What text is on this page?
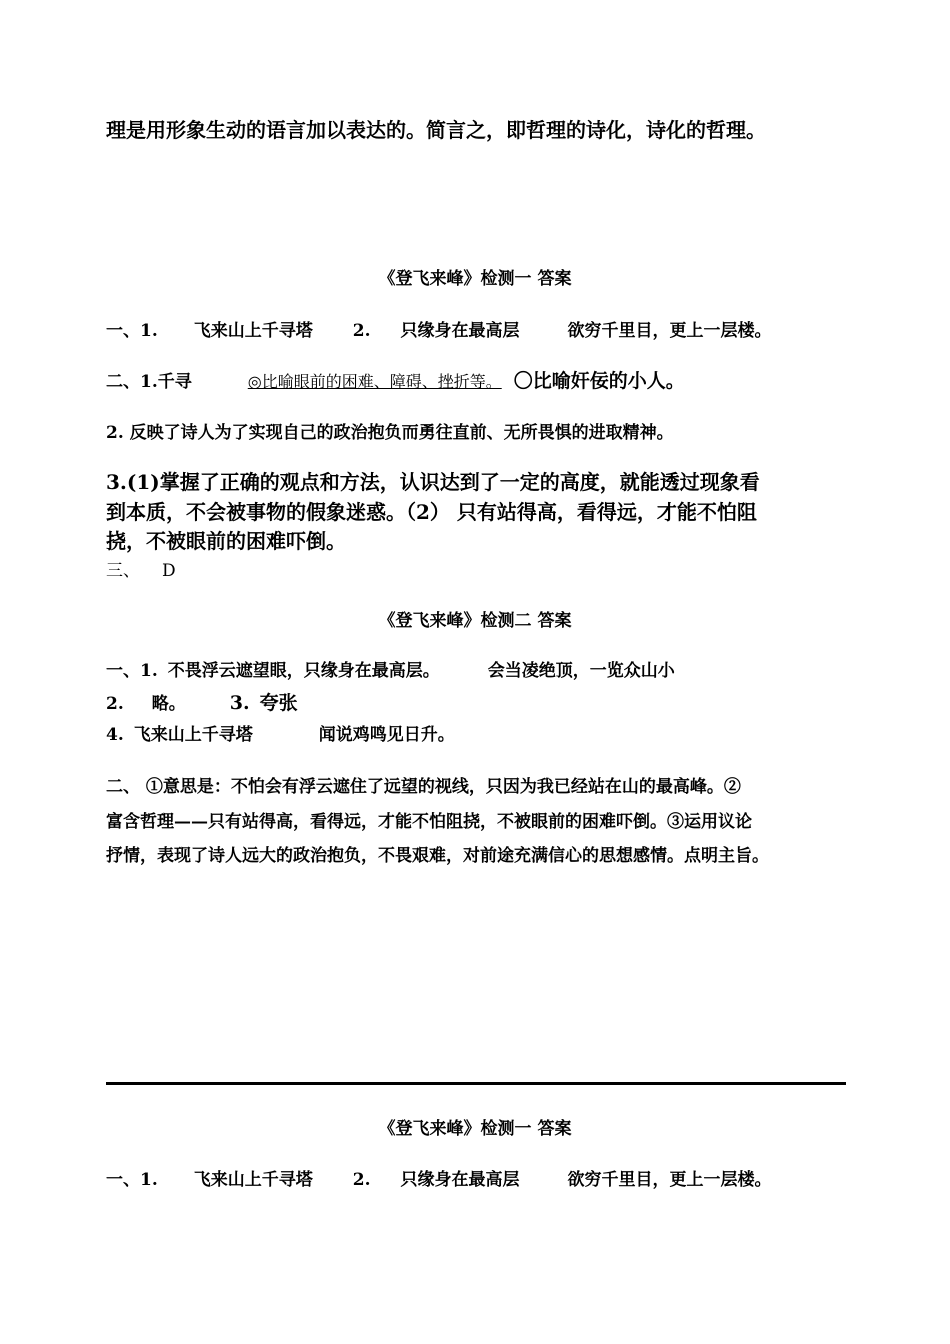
理是用形象生动的语言加以表达的。简言之，即哲理的诗化，诗化的哲理。
《登飞来峰》检测一 答案
一、1. 飞来山上千寻塔 2. 只缘身在最高层	欲穷千里目，更上一层楼。
二、1.千寻	◎比喻眼前的困难、障碍、挫折等。 〇比喻奸佞的小人。
2. 反映了诗人为了实现自己的政治抱负而勇往直前、无所畏惧的进取精神。
3.(1)掌握了正确的观点和方法，认识达到了一定的高度，就能透过现象看
到本质，不会被事物的假象迷惑。（2） 只有站得高，看得远，才能不怕阻
挠，不被眼前的困难吓倒。
三、 D
《登飞来峰》检测二 答案
一、1. 不畏浮云遮望眼，只缘身在最高层。	会当凌绝顶，一览众山小
2. 略。 3. 夸张
4. 飞来山上千寻塔	闻说鸡鸣见日升。
二、 ①意思是：不怕会有浮云遮住了远望的视线，只因为我已经站在山的最高峰。②
富含哲理——只有站得高，看得远，才能不怕阻挠，不被眼前的困难吓倒。③运用议论
抒情，表现了诗人远大的政治抱负，不畏艰难，对前途充满信心的思想感情。点明主旨。
《登飞来峰》检测一 答案
一、1. 飞来山上千寻塔 2. 只缘身在最高层	欲穷千里目，更上一层楼。
